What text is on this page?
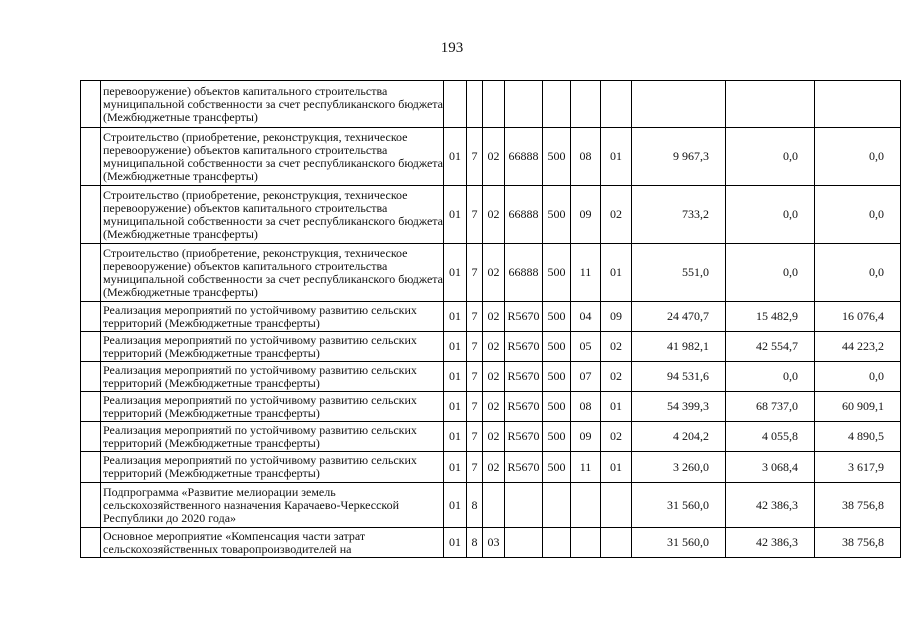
193
	перевооружение) объектов капитального строительства муниципальной собственности за счет республиканского бюджета (Межбюджетные трансферты)										
	Строительство (приобретение, реконструкция, техническое перевооружение) объектов капитального строительства муниципальной собственности за счет республиканского бюджета (Межбюджетные трансферты)	01	7	02	66888	500	08	01	9 967,3	0,0	0,0
	Строительство (приобретение, реконструкция, техническое перевооружение) объектов капитального строительства муниципальной собственности за счет республиканского бюджета (Межбюджетные трансферты)	01	7	02	66888	500	09	02	733,2	0,0	0,0
	Строительство (приобретение, реконструкция, техническое перевооружение) объектов капитального строительства муниципальной собственности за счет республиканского бюджета (Межбюджетные трансферты)	01	7	02	66888	500	11	01	551,0	0,0	0,0
	Реализация мероприятий по устойчивому развитию сельских территорий (Межбюджетные трансферты)	01	7	02	R5670	500	04	09	24 470,7	15 482,9	16 076,4
	Реализация мероприятий по устойчивому развитию сельских территорий (Межбюджетные трансферты)	01	7	02	R5670	500	05	02	41 982,1	42 554,7	44 223,2
	Реализация мероприятий по устойчивому развитию сельских территорий (Межбюджетные трансферты)	01	7	02	R5670	500	07	02	94 531,6	0,0	0,0
	Реализация мероприятий по устойчивому развитию сельских территорий (Межбюджетные трансферты)	01	7	02	R5670	500	08	01	54 399,3	68 737,0	60 909,1
	Реализация мероприятий по устойчивому развитию сельских территорий (Межбюджетные трансферты)	01	7	02	R5670	500	09	02	4 204,2	4 055,8	4 890,5
	Реализация мероприятий по устойчивому развитию сельских территорий (Межбюджетные трансферты)	01	7	02	R5670	500	11	01	3 260,0	3 068,4	3 617,9
	Подпрограмма «Развитие мелиорации земель сельскохозяйственного назначения Карачаево-Черкесской Республики до 2020 года»	01	8						31 560,0	42 386,3	38 756,8
	Основное мероприятие «Компенсация части затрат сельскохозяйственных товаропроизводителей на	01	8	03					31 560,0	42 386,3	38 756,8
